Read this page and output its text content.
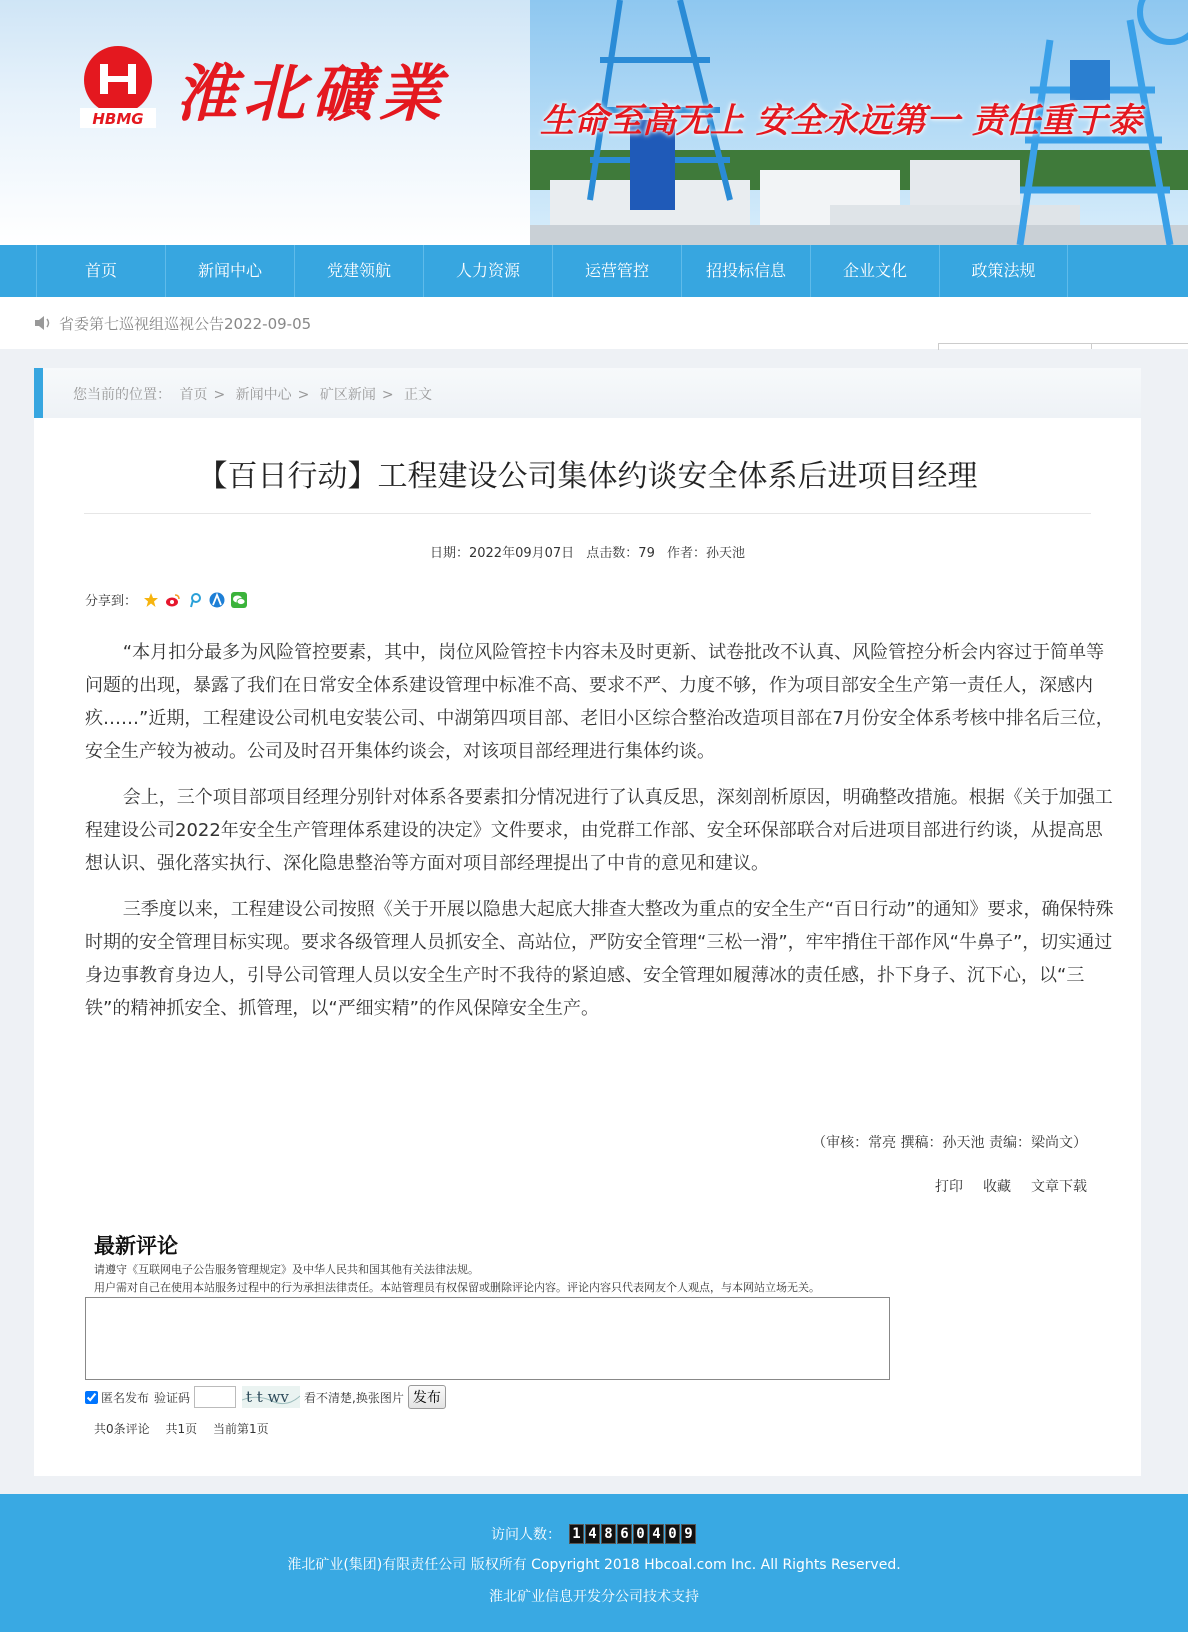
HBMG 淮北礦業	生命至高无上 安全永远第一 责任重于泰
首页	新闻中心	党建领航	人力资源	运营管控	招投标信息	企业文化	政策法规
省委第七巡视组巡视公告2022-09-05
您当前的位置： 首页 > 新闻中心 > 矿区新闻 > 正文
【百日行动】工程建设公司集体约谈安全体系后进项目经理
日期：2022年09月07日 点击数：79 作者：孙天池
分享到：

“本月扣分最多为风险管控要素，其中，岗位风险管控卡内容未及时更新、试卷批改不认真、风险管控分析会内容过于简单等问题的出现，暴露了我们在日常安全体系建设管理中标准不高、要求不严、力度不够，作为项目部安全生产第一责任人，深感内疚……”近期，工程建设公司机电安装公司、中湖第四项目部、老旧小区综合整治改造项目部在7月份安全体系考核中排名后三位，安全生产较为被动。公司及时召开集体约谈会，对该项目部经理进行集体约谈。

会上，三个项目部项目经理分别针对体系各要素扣分情况进行了认真反思，深刻剖析原因，明确整改措施。根据《关于加强工程建设公司2022年安全生产管理体系建设的决定》文件要求，由党群工作部、安全环保部联合对后进项目部进行约谈，从提高思想认识、强化落实执行、深化隐患整治等方面对项目部经理提出了中肯的意见和建议。

三季度以来，工程建设公司按照《关于开展以隐患大起底大排查大整改为重点的安全生产“百日行动”的通知》要求，确保特殊时期的安全管理目标实现。要求各级管理人员抓安全、高站位，严防安全管理“三松一滑”，牢牢揹住干部作风“牛鼻子”，切实通过身边事教育身边人，引导公司管理人员以安全生产时不我待的紧迫感、安全管理如履薄冰的责任感，扑下身子、沉下心，以“三铁”的精神抓安全、抓管理，以“严细实精”的作风保障安全生产。

（审核：常亮 撰稿：孙天池 责编：梁尚文）
打印 收藏 文章下载
最新评论
请遵守《互联网电子公告服务管理规定》及中华人民共和国其他有关法律法规。
用户需对自己在使用本站服务过程中的行为承担法律责任。本站管理员有权保留或删除评论内容。评论内容只代表网友个人观点，与本网站立场无关。
匿名发布 验证码	t t wv 看不清楚,换张图片 发布
共0条评论 共1页 当前第1页
访问人数： 1 4 8 6 0 4 0 9
淮北矿业(集团)有限责任公司 版权所有 Copyright 2018 Hbcoal.com Inc. All Rights Reserved.
淮北矿业信息开发分公司技术支持
